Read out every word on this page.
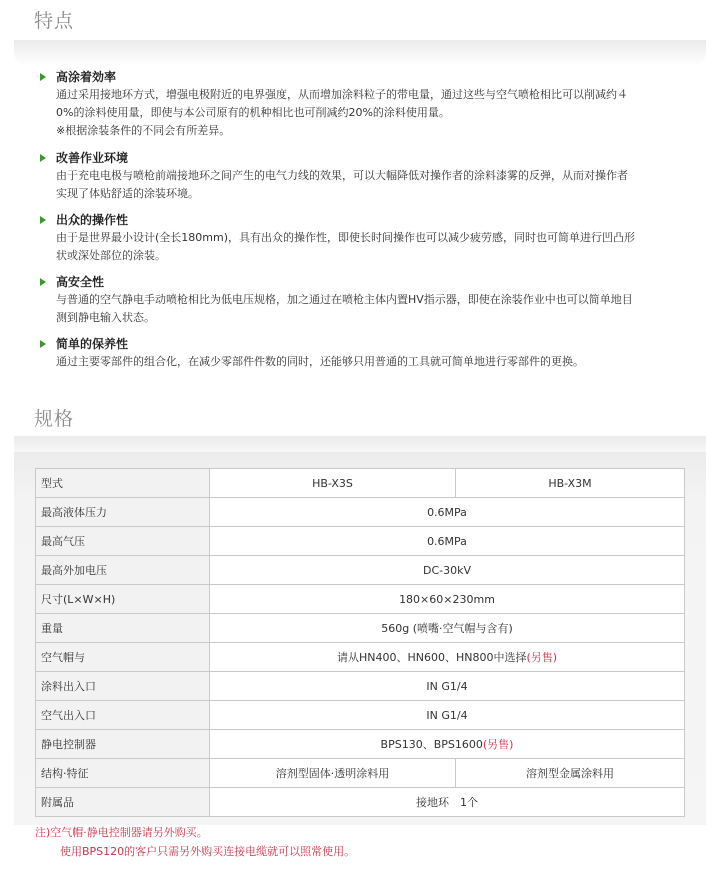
特点
高涂着効率
通过采用接地环方式，增强电极附近的电界强度，从而增加涂料粒子的带电量，通过这些与空气喷枪相比可以削减约４
0%的涂料使用量，即使与本公司原有的机种相比也可削减约20%的涂料使用量。
※根据涂装条件的不同会有所差异。
改善作业环境
由于充电电极与喷枪前端接地环之间产生的电气力线的效果，可以大幅降低对操作者的涂料漆雾的反弹，从而对操作者
实现了体贴舒适的涂装环境。
出众的操作性
由于是世界最小设计(全长180mm)，具有出众的操作性，即使长时间操作也可以减少疲劳感，同时也可简单进行凹凸形
状或深处部位的涂装。
高安全性
与普通的空气静电手动喷枪相比为低电压规格，加之通过在喷枪主体内置HV指示器，即使在涂装作业中也可以简单地目
测到静电输入状态。
简单的保养性
通过主要零部件的组合化，在减少零部件件数的同时，还能够只用普通的工具就可简单地进行零部件的更换。
规格
型式	HB-X3S	HB-X3M
最高液体压力	0.6MPa	
最高气压	0.6MPa	
最高外加电压	DC-30kV	
尺寸(L×W×H)	180×60×230mm	
重量	560g (喷嘴·空气帽与含有)	
空气帽与	请从HN400、HN600、HN800中选择(另售)	
涂料出入口	IN G1/4	
空气出入口	IN G1/4	
静电控制器	BPS130、BPS1600(另售)	
结构·特征	溶剂型固体·透明涂料用	溶剂型金属涂料用
附属品	接地环　1个	
注)空气帽·静电控制器请另外购买。
使用BPS120的客户只需另外购买连接电缆就可以照常使用。
